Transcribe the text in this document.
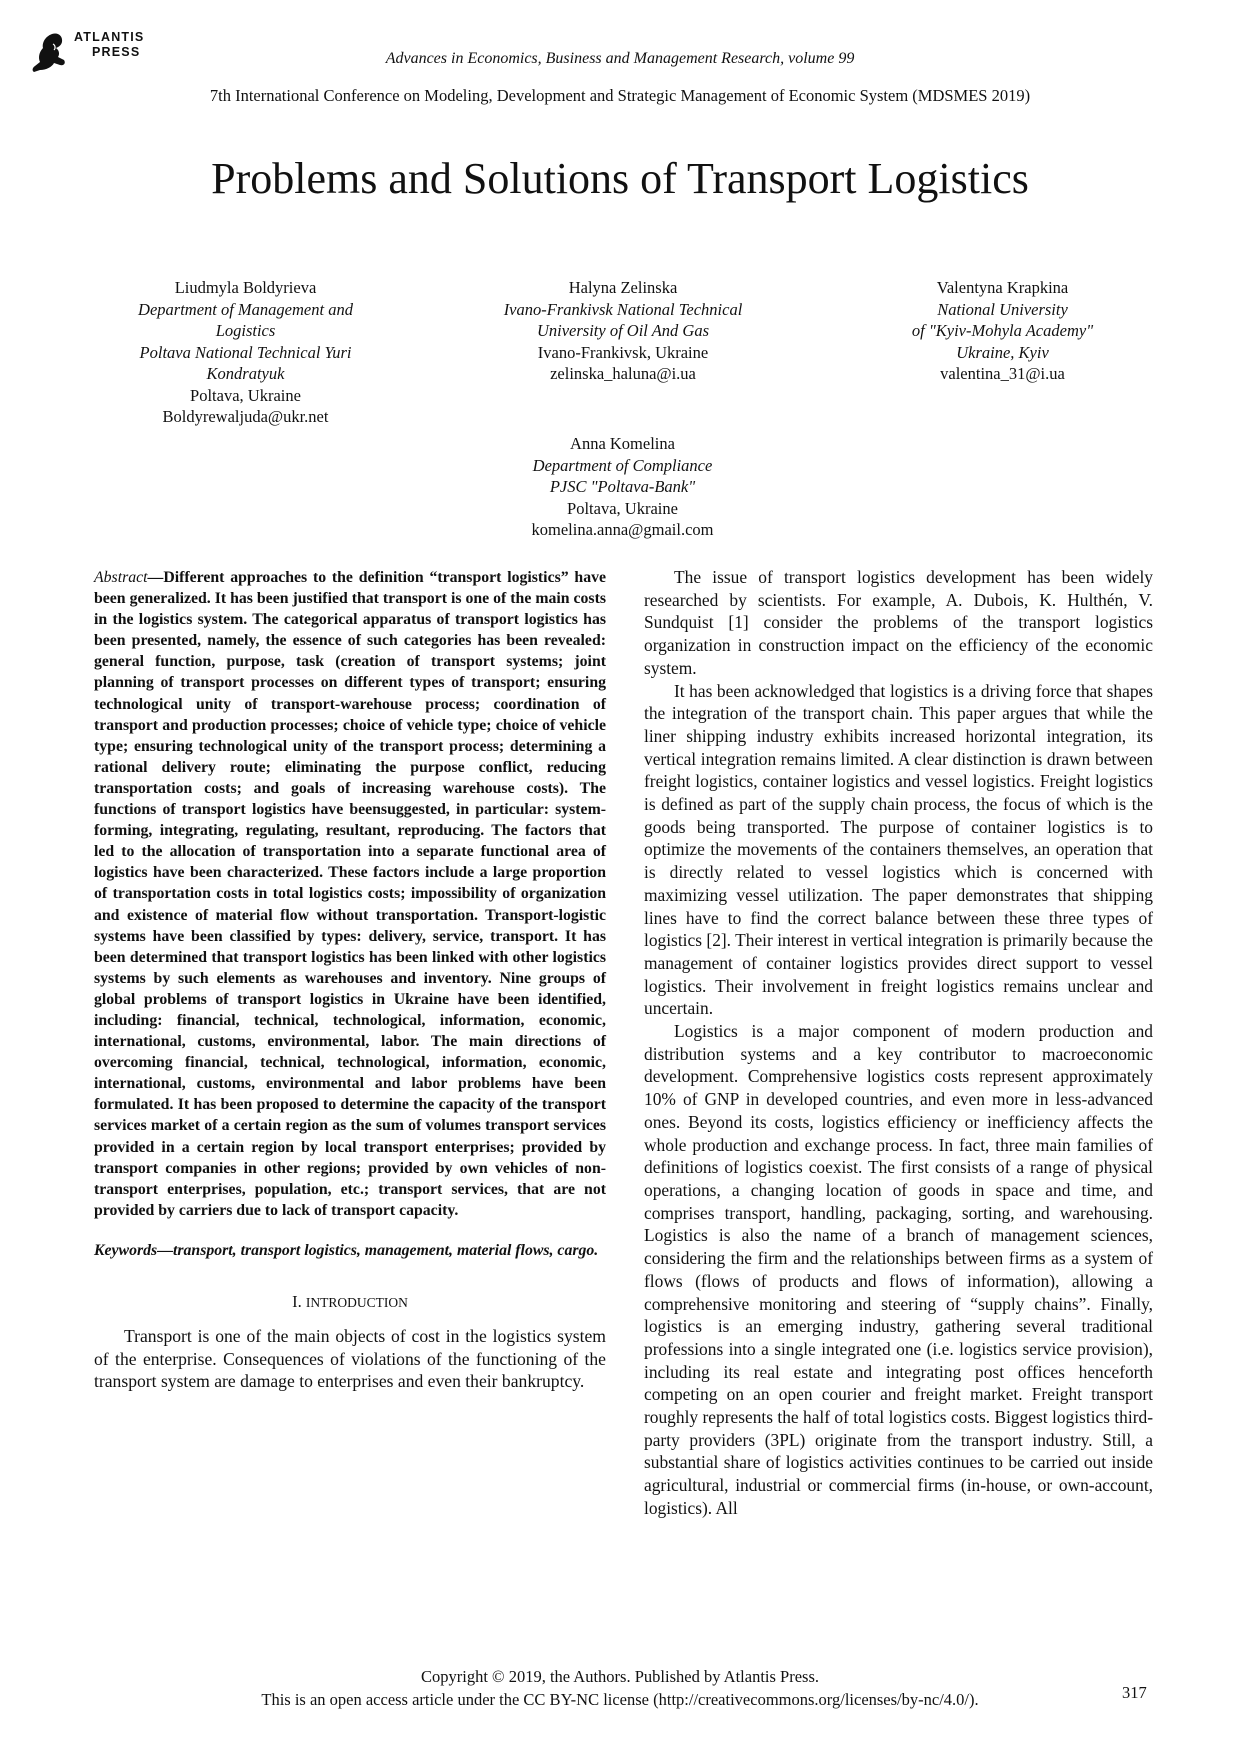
ATLANTIS
PRESS	Advances in Economics, Business and Management Research, volume 99
7th International Conference on Modeling, Development and Strategic Management of Economic System (MDSMES 2019)
Problems and Solutions of Transport Logistics
Liudmyla Boldyrieva
Department of Management and
Logistics
Poltava National Technical Yuri
Kondratyuk
Poltava, Ukraine
Boldyrewaljuda@ukr.net
Halyna Zelinska
Ivano-Frankivsk National Technical
University of Oil And Gas
Ivano-Frankivsk, Ukraine
zelinska_haluna@i.ua
Valentyna Krapkina
National University
of "Kyiv-Mohyla Academy"
Ukraine, Kyiv
valentina_31@i.ua
Anna Komelina
Department of Compliance
PJSC "Poltava-Bank"
Poltava, Ukraine
komelina.anna@gmail.com

Abstract—Different approaches to the definition “transport logistics” have been generalized. It has been justified that transport is one of the main costs in the logistics system. The categorical apparatus of transport logistics has been presented, namely, the essence of such categories has been revealed: general function, purpose, task (creation of transport systems; joint planning of transport processes on different types of transport; ensuring technological unity of transport-warehouse process; coordination of transport and production processes; choice of vehicle type; choice of vehicle type; ensuring technological unity of the transport process; determining a rational delivery route; eliminating the purpose conflict, reducing transportation costs; and goals of increasing warehouse costs). The functions of transport logistics have beensuggested, in particular: system-forming, integrating, regulating, resultant, reproducing. The factors that led to the allocation of transportation into a separate functional area of logistics have been characterized. These factors include a large proportion of transportation costs in total logistics costs; impossibility of organization and existence of material flow without transportation. Transport-logistic systems have been classified by types: delivery, service, transport. It has been determined that transport logistics has been linked with other logistics systems by such elements as warehouses and inventory. Nine groups of global problems of transport logistics in Ukraine have been identified, including: financial, technical, technological, information, economic, international, customs, environmental, labor. The main directions of overcoming financial, technical, technological, information, economic, international, customs, environmental and labor problems have been formulated. It has been proposed to determine the capacity of the transport services market of a certain region as the sum of volumes transport services provided in a certain region by local transport enterprises; provided by transport companies in other regions; provided by own vehicles of non-transport enterprises, population, etc.; transport services, that are not provided by carriers due to lack of transport capacity.

Keywords—transport, transport logistics, management, material flows, cargo.

I. INTRODUCTION

Transport is one of the main objects of cost in the logistics system of the enterprise. Consequences of violations of the functioning of the transport system are damage to enterprises and even their bankruptcy.

The issue of transport logistics development has been widely researched by scientists. For example, A. Dubois, K. Hulthén, V. Sundquist [1] consider the problems of the transport logistics organization in construction impact on the efficiency of the economic system.

It has been acknowledged that logistics is a driving force that shapes the integration of the transport chain. This paper argues that while the liner shipping industry exhibits increased horizontal integration, its vertical integration remains limited. A clear distinction is drawn between freight logistics, container logistics and vessel logistics. Freight logistics is defined as part of the supply chain process, the focus of which is the goods being transported. The purpose of container logistics is to optimize the movements of the containers themselves, an operation that is directly related to vessel logistics which is concerned with maximizing vessel utilization. The paper demonstrates that shipping lines have to find the correct balance between these three types of logistics [2]. Their interest in vertical integration is primarily because the management of container logistics provides direct support to vessel logistics. Their involvement in freight logistics remains unclear and uncertain.

Logistics is a major component of modern production and distribution systems and a key contributor to macroeconomic development. Comprehensive logistics costs represent approximately 10% of GNP in developed countries, and even more in less-advanced ones. Beyond its costs, logistics efficiency or inefficiency affects the whole production and exchange process. In fact, three main families of definitions of logistics coexist. The first consists of a range of physical operations, a changing location of goods in space and time, and comprises transport, handling, packaging, sorting, and warehousing. Logistics is also the name of a branch of management sciences, considering the firm and the relationships between firms as a system of flows (flows of products and flows of information), allowing a comprehensive monitoring and steering of “supply chains”. Finally, logistics is an emerging industry, gathering several traditional professions into a single integrated one (i.e. logistics service provision), including its real estate and integrating post offices henceforth competing on an open courier and freight market. Freight transport roughly represents the half of total logistics costs. Biggest logistics third-party providers (3PL) originate from the transport industry. Still, a substantial share of logistics activities continues to be carried out inside agricultural, industrial or commercial firms (in-house, or own-account, logistics). All

Copyright © 2019, the Authors. Published by Atlantis Press.
This is an open access article under the CC BY-NC license (http://creativecommons.org/licenses/by-nc/4.0/).	317
